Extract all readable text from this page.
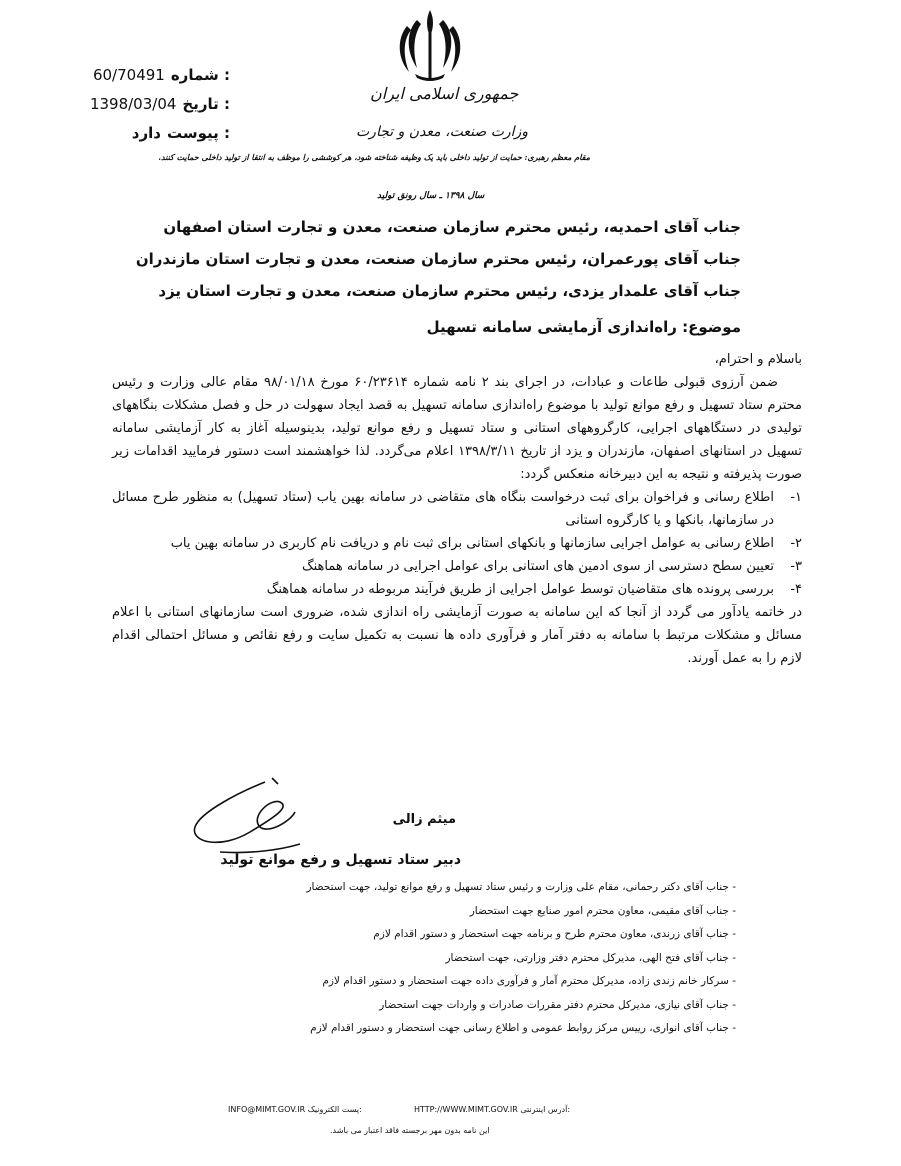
60/70491 شماره :
1398/03/04 تاریخ :
دارد پیوست :
جمهوری اسلامی ایران
وزارت صنعت، معدن و تجارت
مقام معظم رهبری: حمایت از تولید داخلی باید یک وظیفه شناخته شود، هر کوششی را موظف به انتقا از تولید داخلی حمایت کنند.
سال ۱۳۹۸ ـ سال رونق تولید
جناب آقای احمدیه، رئیس محترم سازمان صنعت، معدن و تجارت استان اصفهان
جناب آقای پورعمران، رئیس محترم سازمان صنعت، معدن و تجارت استان مازندران
جناب آقای علمدار یزدی، رئیس محترم سازمان صنعت، معدن و تجارت استان یزد
موضوع: راه‌اندازی آزمایشی سامانه تسهیل

باسلام و احترام،

ضمن آرزوی قبولی طاعات و عبادات، در اجرای بند ۲ نامه شماره ۶۰/۲۳۶۱۴ مورخ ۹۸/۰۱/۱۸ مقام عالی وزارت و رئیس محترم ستاد تسهیل و رفع موانع تولید با موضوع راه‌اندازی سامانه تسهیل به قصد ایجاد سهولت در حل و فصل مشکلات بنگاههای تولیدی در دستگاههای اجرایی، کارگروههای استانی و ستاد تسهیل و رفع موانع تولید، بدینوسیله آغاز به کار آزمایشی سامانه تسهیل در استانهای اصفهان، مازندران و یزد از تاریخ ۱۳۹۸/۳/۱۱ اعلام می‌گردد. لذا خواهشمند است دستور فرمایید اقدامات زیر صورت پذیرفته و نتیجه به این دبیرخانه منعکس گردد:

۱-
اطلاع رسانی و فراخوان برای ثبت درخواست بنگاه های متقاضی در سامانه بهین یاب (ستاد تسهیل) به منظور طرح مسائل در سازمانها، بانکها و یا کارگروه استانی
۲-
اطلاع رسانی به عوامل اجرایی سازمانها و بانکهای استانی برای ثبت نام و دریافت نام کاربری در سامانه بهین یاب
۳-
تعیین سطح دسترسی از سوی ادمین های استانی برای عوامل اجرایی در سامانه هماهنگ
۴-
بررسی پرونده های متقاضیان توسط عوامل اجرایی از طریق فرآیند مربوطه در سامانه هماهنگ

در خاتمه یادآور می گردد از آنجا که این سامانه به صورت آزمایشی راه اندازی شده، ضروری است سازمانهای استانی با اعلام مسائل و مشکلات مرتبط با سامانه به دفتر آمار و فرآوری داده ها نسبت به تکمیل سایت و رفع نقائص و مسائل احتمالی اقدام لازم را به عمل آورند.

میثم زالی
دبیر ستاد تسهیل و رفع موانع تولید
- جناب آقای دکتر رحمانی، مقام علی وزارت و رئیس ستاد تسهیل و رفع موانع تولید، جهت استحضار
- جناب آقای مقیمی، معاون محترم امور صنایع جهت استحضار
- جناب آقای زرندی، معاون محترم طرح و برنامه جهت استحضار و دستور اقدام لازم
- جناب آقای فتح الهی، مدیرکل محترم دفتر وزارتی، جهت استحضار
- سرکار خانم زندی زاده، مدیرکل محترم آمار و فرآوری داده جهت استحضار و دستور اقدام لازم
- جناب آقای نیازی، مدیرکل محترم دفتر مقررات صادرات و واردات جهت استحضار
- جناب آقای انواری، رییس مرکز روابط عمومی و اطلاع رسانی جهت استحضار و دستور اقدام لازم
INFO@MIMT.GOV.IR پست الکترونیک:	HTTP://WWW.MIMT.GOV.IR آدرس اینترنتی:
این نامه بدون مهر برجسته فاقد اعتبار می باشد.
